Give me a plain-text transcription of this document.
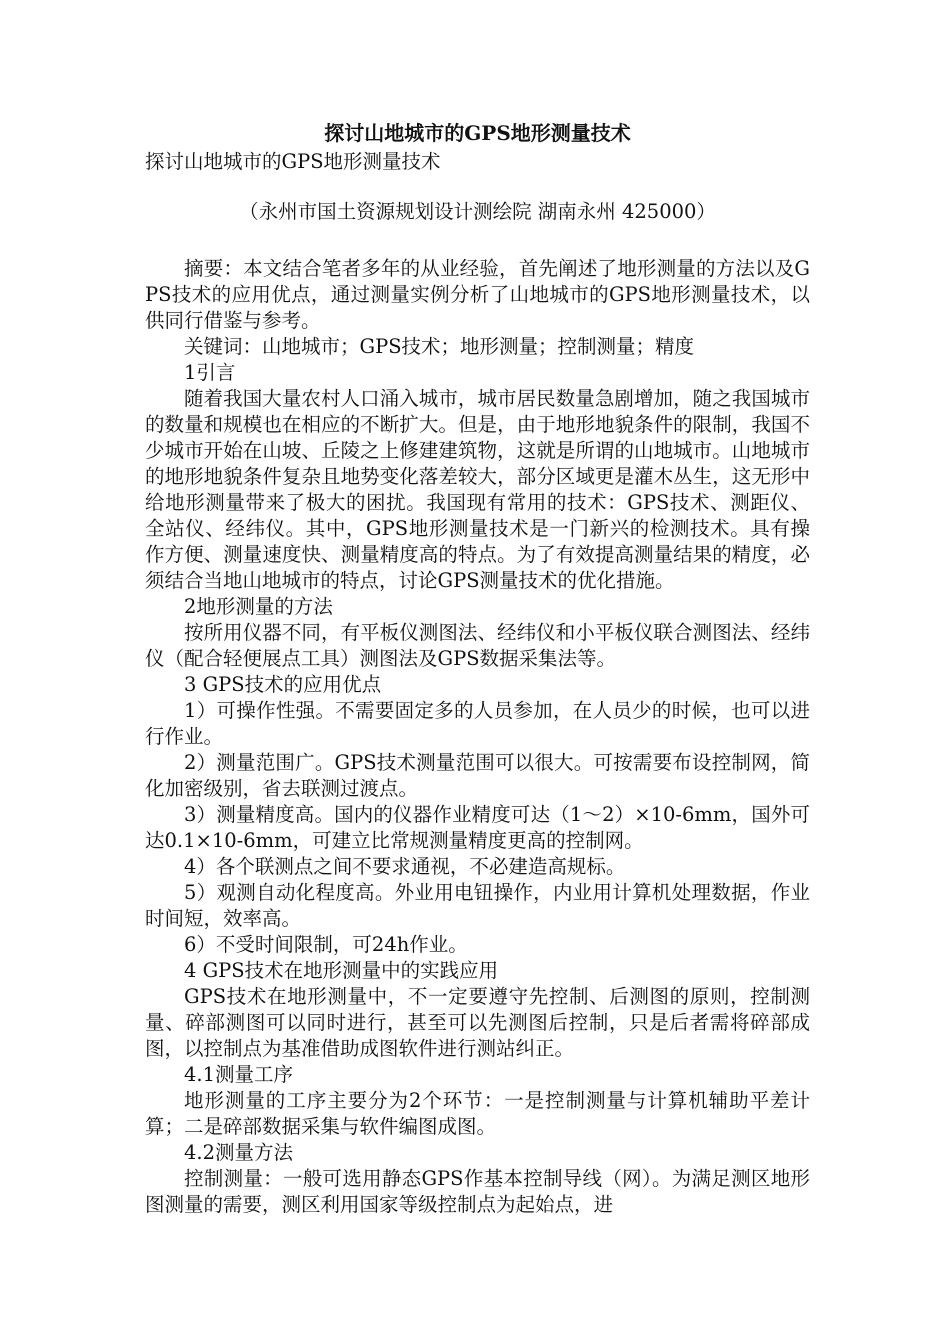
探讨山地城市的GPS地形测量技术

探讨山地城市的GPS地形测量技术

（永州市国土资源规划设计测绘院 湖南永州 425000）

摘要：本文结合笔者多年的从业经验，首先阐述了地形测量的方法以及GPS技术的应用优点，通过测量实例分析了山地城市的GPS地形测量技术，以供同行借鉴与参考。

关键词：山地城市；GPS技术；地形测量；控制测量；精度

1引言

随着我国大量农村人口涌入城市，城市居民数量急剧增加，随之我国城市的数量和规模也在相应的不断扩大。但是，由于地形地貌条件的限制，我国不少城市开始在山坡、丘陵之上修建建筑物，这就是所谓的山地城市。山地城市的地形地貌条件复杂且地势变化落差较大，部分区域更是灌木丛生，这无形中给地形测量带来了极大的困扰。我国现有常用的技术：GPS技术、测距仪、全站仪、经纬仪。其中，GPS地形测量技术是一门新兴的检测技术。具有操作方便、测量速度快、测量精度高的特点。为了有效提高测量结果的精度，必须结合当地山地城市的特点，讨论GPS测量技术的优化措施。

2地形测量的方法

按所用仪器不同，有平板仪测图法、经纬仪和小平板仪联合测图法、经纬仪（配合轻便展点工具）测图法及GPS数据采集法等。

3 GPS技术的应用优点

1）可操作性强。不需要固定多的人员参加，在人员少的时候，也可以进行作业。

2）测量范围广。GPS技术测量范围可以很大。可按需要布设控制网，简化加密级别，省去联测过渡点。

3）测量精度高。国内的仪器作业精度可达（1～2）×10-6mm，国外可达0.1×10-6mm，可建立比常规测量精度更高的控制网。

4）各个联测点之间不要求通视，不必建造高规标。

5）观测自动化程度高。外业用电钮操作，内业用计算机处理数据，作业时间短，效率高。

6）不受时间限制，可24h作业。

4 GPS技术在地形测量中的实践应用

GPS技术在地形测量中，不一定要遵守先控制、后测图的原则，控制测量、碎部测图可以同时进行，甚至可以先测图后控制，只是后者需将碎部成图，以控制点为基准借助成图软件进行测站纠正。

4.1测量工序

地形测量的工序主要分为2个环节：一是控制测量与计算机辅助平差计算；二是碎部数据采集与软件编图成图。

4.2测量方法

控制测量：一般可选用静态GPS作基本控制导线（网）。为满足测区地形图测量的需要，测区利用国家等级控制点为起始点，进
